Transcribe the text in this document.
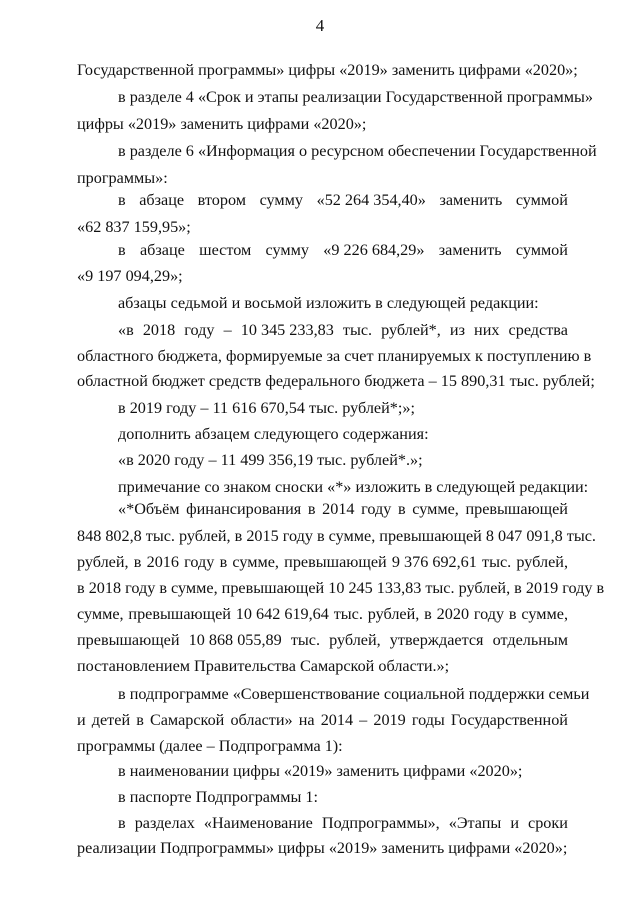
4
Государственной программы» цифры «2019» заменить цифрами «2020»;
в разделе 4 «Срок и этапы реализации Государственной программы»
цифры «2019» заменить цифрами «2020»;
в разделе 6 «Информация о ресурсном обеспечении Государственной
программы»:
в абзаце втором сумму «52 264 354,40» заменить суммой
«62 837 159,95»;
в абзаце шестом сумму «9 226 684,29» заменить суммой
«9 197 094,29»;
абзацы седьмой и восьмой изложить в следующей редакции:
«в 2018 году – 10 345 233,83 тыс. рублей*, из них средства
областного бюджета, формируемые за счет планируемых к поступлению в
областной бюджет средств федерального бюджета – 15 890,31 тыс. рублей;
в 2019 году – 11 616 670,54 тыс. рублей*;»;
дополнить абзацем следующего содержания:
«в 2020 году – 11 499 356,19 тыс. рублей*.»;
примечание со знаком сноски «*» изложить в следующей редакции:
«*Объём финансирования в 2014 году в сумме, превышающей
848 802,8 тыс. рублей, в 2015 году в сумме, превышающей 8 047 091,8 тыс.
рублей, в 2016 году в сумме, превышающей 9 376 692,61 тыс. рублей,
в 2018 году в сумме, превышающей 10 245 133,83 тыс. рублей, в 2019 году в
сумме, превышающей 10 642 619,64 тыс. рублей, в 2020 году в сумме,
превышающей 10 868 055,89 тыс. рублей, утверждается отдельным
постановлением Правительства Самарской области.»;
в подпрограмме «Совершенствование социальной поддержки семьи
и детей в Самарской области» на 2014 – 2019 годы Государственной
программы (далее – Подпрограмма 1):
в наименовании цифры «2019» заменить цифрами «2020»;
в паспорте Подпрограммы 1:
в разделах «Наименование Подпрограммы», «Этапы и сроки
реализации Подпрограммы» цифры «2019» заменить цифрами «2020»;
